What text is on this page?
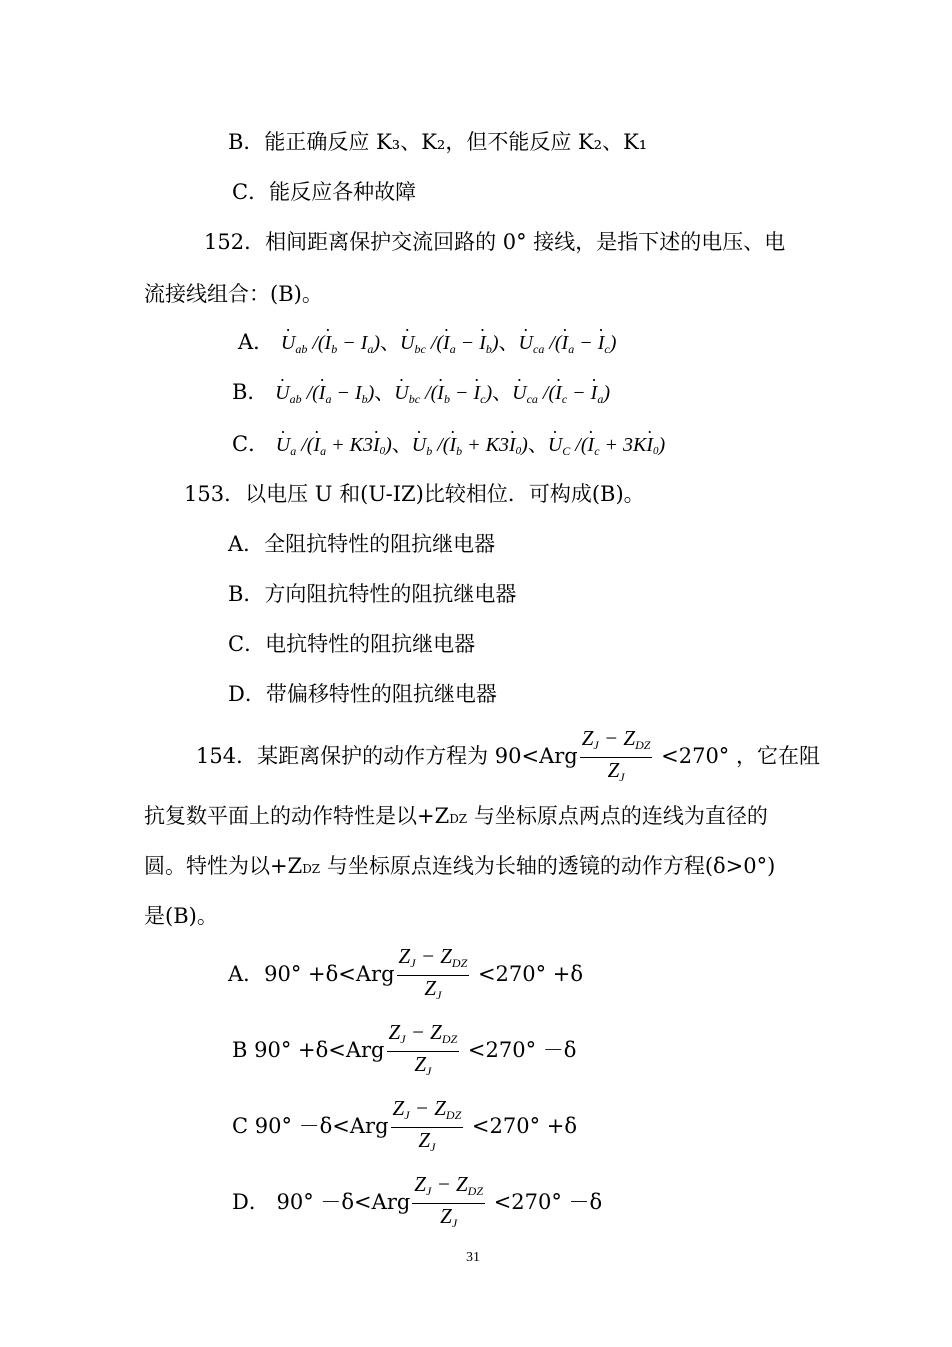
B．能正确反应 K₃、K₂，但不能反应 K₂、K₁
C．能反应各种故障
152．相间距离保护交流回路的 0° 接线，是指下述的电压、电
流接线组合：(B)。
A． · $U_{ab}$ /(· $I_b - I_a$)、· $U_{bc}$ /(· $I_a$ − · $I_b$)、· $U_{ca}$ /(· $I_a$ − · $I_c$)
B． · $U_{ab}$ /(· $I_a - I_b$)、· $U_{bc}$ /(· $I_b$ − · $I_c$)、· $U_{ca}$ /(· $I_c$ − · $I_a$)
C． · $U_a$ /(· $I_a + K3\cdot I0$)、· $U_b$ /(· $I_b + K3\cdot I0$)、· $U_C$ /(· $I_c + 3K\cdot I0$)
153．以电压 U 和(U-IZ)比较相位．可构成(B)。
A．全阻抗特性的阻抗继电器
B．方向阻抗特性的阻抗继电器
C．电抗特性的阻抗继电器
D．带偏移特性的阻抗继电器
154．某距离保护的动作方程为 $90<Arg \frac{Z_J - Z_{DZ}}{Z_J} <270^\circ$ ，它在阻
抗复数平面上的动作特性是以+ZDZ 与坐标原点两点的连线为直径的
圆。特性为以+ZDZ 与坐标原点连线为长轴的透镜的动作方程(δ>0°)
是(B)。
A．$90^\circ +\delta<Arg \frac{Z_J - Z_{DZ}}{Z_J} <270^\circ +\delta$
B $90^\circ +\delta<Arg \frac{Z_J - Z_{DZ}}{Z_J} <270^\circ -\delta$
C $90^\circ -\delta<Arg \frac{Z_J - Z_{DZ}}{Z_J} <270^\circ +\delta$
D． $90^\circ -\delta<Arg \frac{Z_J - Z_{DZ}}{Z_J} <270^\circ -\delta$
31
